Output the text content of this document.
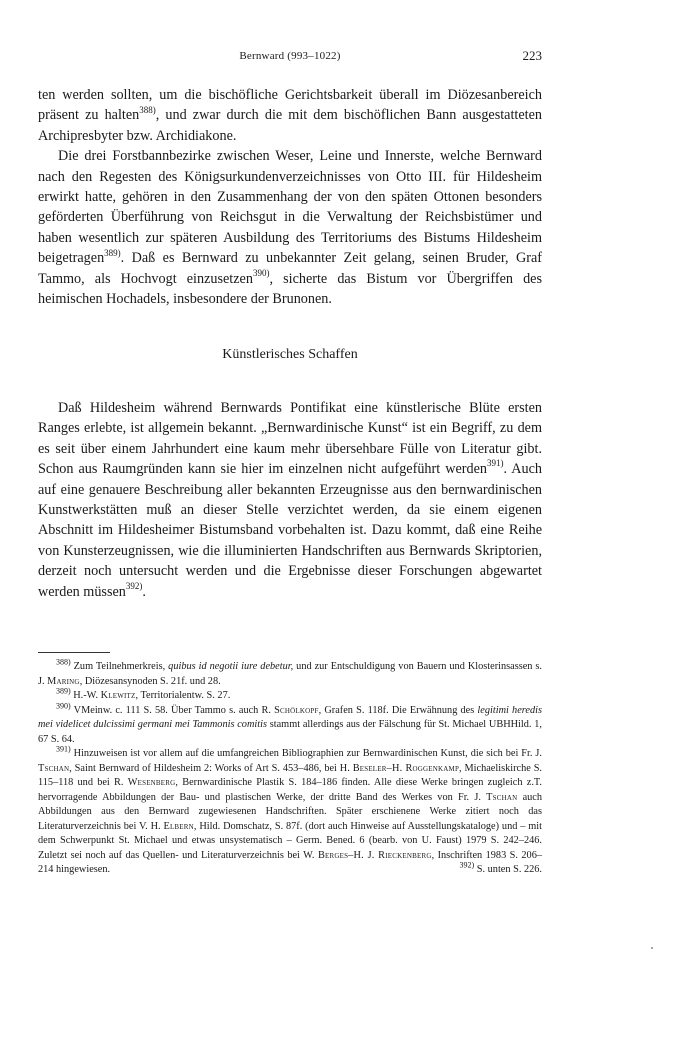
Bernward (993–1022)	223

ten werden sollten, um die bischöfliche Gerichtsbarkeit überall im Diözesanbereich präsent zu halten$^{388)}$, und zwar durch die mit dem bischöflichen Bann ausgestatteten Archipresbyter bzw. Archidiakone.

Die drei Forstbannbezirke zwischen Weser, Leine und Innerste, welche Bernward nach den Regesten des Königsurkundenverzeichnisses von Otto III. für Hildesheim erwirkt hatte, gehören in den Zusammenhang der von den späten Ottonen besonders geförderten Überführung von Reichsgut in die Verwaltung der Reichsbistümer und haben wesentlich zur späteren Ausbildung des Territoriums des Bistums Hildesheim beigetragen$^{389)}$. Daß es Bernward zu unbekannter Zeit gelang, seinen Bruder, Graf Tammo, als Hochvogt einzusetzen$^{390)}$, sicherte das Bistum vor Übergriffen des heimischen Hochadels, insbesondere der Brunonen.

Künstlerisches Schaffen

Daß Hildesheim während Bernwards Pontifikat eine künstlerische Blüte ersten Ranges erlebte, ist allgemein bekannt. „Bernwardinische Kunst“ ist ein Begriff, zu dem es seit über einem Jahrhundert eine kaum mehr übersehbare Fülle von Literatur gibt. Schon aus Raumgründen kann sie hier im einzelnen nicht aufgeführt werden$^{391)}$. Auch auf eine genauere Beschreibung aller bekannten Erzeugnisse aus den bernwardinischen Kunstwerkstätten muß an dieser Stelle verzichtet werden, da sie einem eigenen Abschnitt im Hildesheimer Bistumsband vorbehalten ist. Dazu kommt, daß eine Reihe von Kunsterzeugnissen, wie die illuminierten Handschriften aus Bernwards Skriptorien, derzeit noch untersucht werden und die Ergebnisse dieser Forschungen abgewartet werden müssen$^{392)}$.

$^{388)}$ Zum Teilnehmerkreis, quibus id negotii iure debetur, und zur Entschuldigung von Bauern und Klosterinsassen s. J. Maring, Diözesansynoden S. 21f. und 28.

$^{389)}$ H.-W. Klewitz, Territorialentw. S. 27.

$^{390)}$ VMeinw. c. 111 S. 58. Über Tammo s. auch R. Schölkopf, Grafen S. 118f. Die Erwähnung des legitimi heredis mei videlicet dulcissimi germani mei Tammonis comitis stammt allerdings aus der Fälschung für St. Michael UBHHild. 1, 67 S. 64.

$^{391)}$ Hinzuweisen ist vor allem auf die umfangreichen Bibliographien zur Bernwardinischen Kunst, die sich bei Fr. J. Tschan, Saint Bernward of Hildesheim 2: Works of Art S. 453–486, bei H. Beseler–H. Roggenkamp, Michaeliskirche S. 115–118 und bei R. Wesenberg, Bernwardinische Plastik S. 184–186 finden. Alle diese Werke bringen zugleich z.T. hervorragende Abbildungen der Bau- und plastischen Werke, der dritte Band des Werkes von Fr. J. Tschan auch Abbildungen aus den Bernward zugewiesenen Handschriften. Später erschienene Werke zitiert noch das Literaturverzeichnis bei V. H. Elbern, Hild. Domschatz, S. 87f. (dort auch Hinweise auf Ausstellungskataloge) und – mit dem Schwerpunkt St. Michael und etwas unsystematisch – Germ. Bened. 6 (bearb. von U. Faust) 1979 S. 242–246. Zuletzt sei noch auf das Quellen- und Literaturverzeichnis bei W. Berges–H. J. Rieckenberg, Inschriften 1983 S. 206–214 hingewiesen.	$^{392)}$ S. unten S. 226.
